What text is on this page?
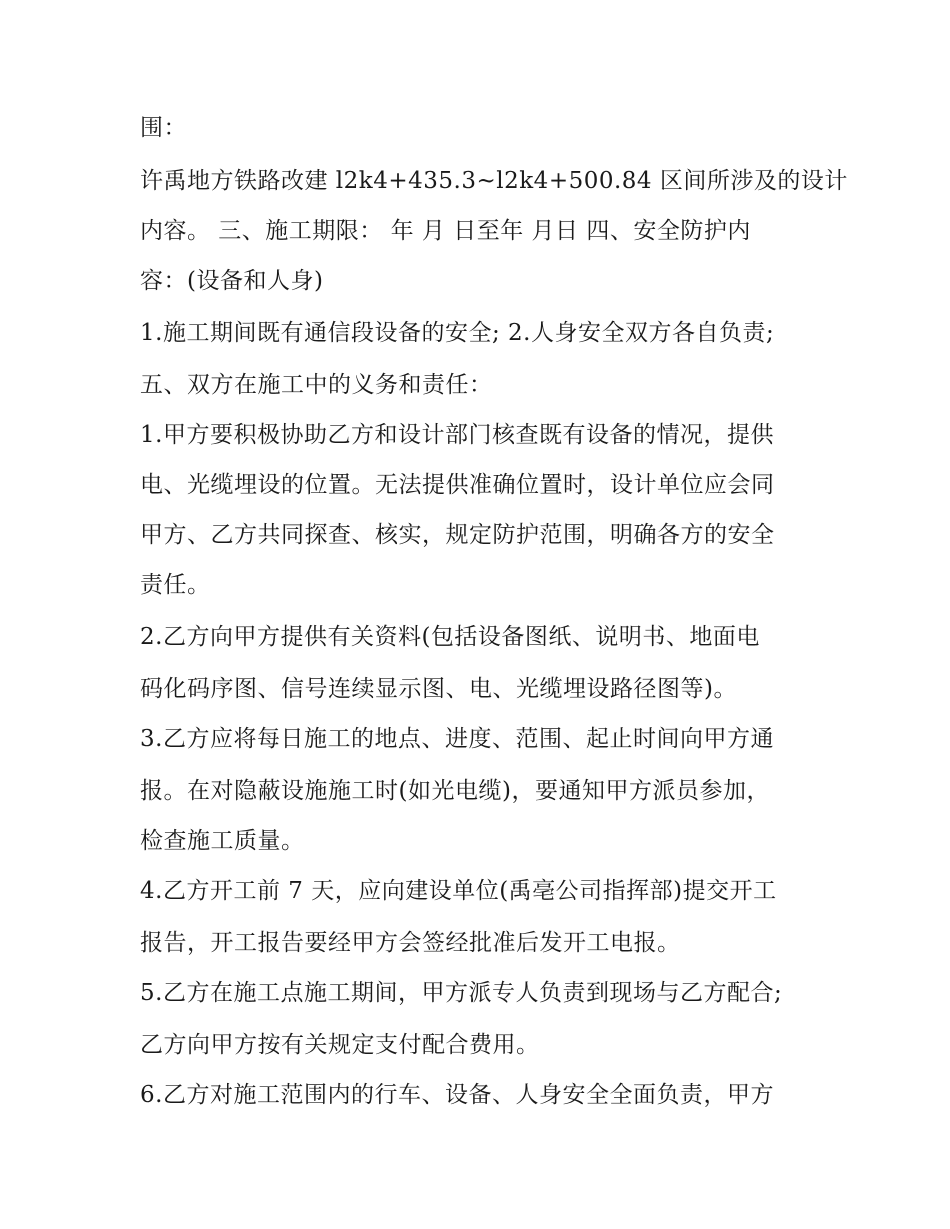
围：
许禹地方铁路改建 l2k4+435.3~l2k4+500.84 区间所涉及的设计
内容。 三、施工期限： 年 月 日至年 月日 四、安全防护内
容：(设备和人身)
1.施工期间既有通信段设备的安全; 2.人身安全双方各自负责;
五、双方在施工中的义务和责任：
1.甲方要积极协助乙方和设计部门核查既有设备的情况，提供
电、光缆埋设的位置。无法提供准确位置时，设计单位应会同
甲方、乙方共同探查、核实，规定防护范围，明确各方的安全
责任。
2.乙方向甲方提供有关资料(包括设备图纸、说明书、地面电
码化码序图、信号连续显示图、电、光缆埋设路径图等)。
3.乙方应将每日施工的地点、进度、范围、起止时间向甲方通
报。在对隐蔽设施施工时(如光电缆)，要通知甲方派员参加，
检查施工质量。
4.乙方开工前 7 天，应向建设单位(禹亳公司指挥部)提交开工
报告，开工报告要经甲方会签经批准后发开工电报。
5.乙方在施工点施工期间，甲方派专人负责到现场与乙方配合;
乙方向甲方按有关规定支付配合费用。
6.乙方对施工范围内的行车、设备、人身安全全面负责，甲方
